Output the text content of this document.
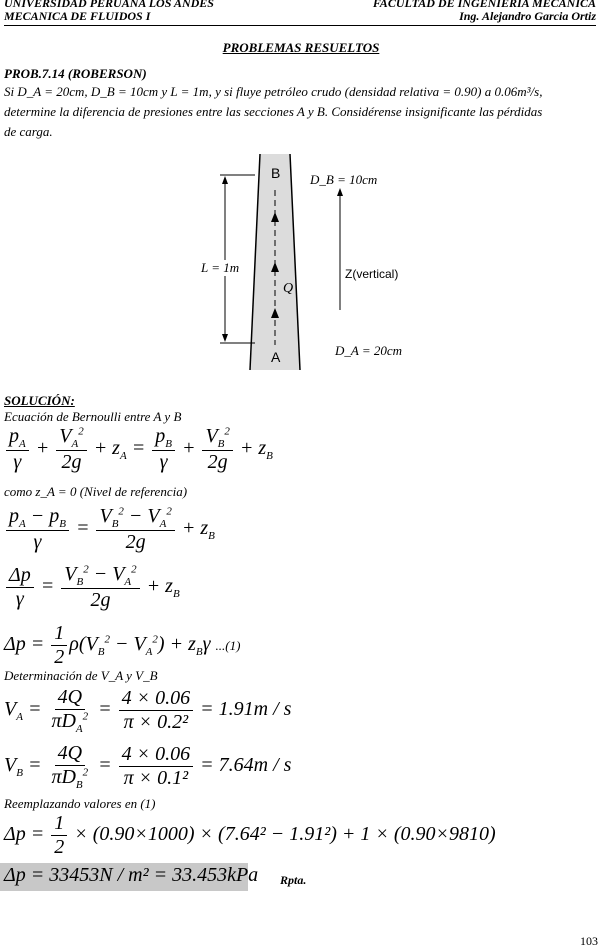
UNIVERSIDAD PERUANA LOS ANDES
MECANICA DE FLUIDOS I
FACULTAD DE INGENIERIA MECANICA
Ing. Alejandro Garcia Ortiz
PROBLEMAS RESUELTOS
PROB.7.14 (ROBERSON)
Si D_A = 20cm, D_B = 10cm y L = 1m, y si fluye petróleo crudo (densidad relativa = 0.90) a 0.06m³/s,
determine la diferencia de presiones entre las secciones A y B. Considérense insignificante las pérdidas
de carga.
B
A
Q
D_B = 10cm
D_A = 20cm
L = 1m	Z(vertical)
SOLUCIÓN:
Ecuación de Bernoulli entre A y B
$\frac{p_A}{\gamma} + \frac{V_A^2}{2g} + z_A = \frac{p_B}{\gamma} + \frac{V_B^2}{2g} + z_B$
como z_A = 0 (Nivel de referencia)
$\frac{p_A - p_B}{\gamma} = \frac{V_B^2 - V_A^2}{2g} + z_B$
$\frac{\Delta p}{\gamma} = \frac{V_B^2 - V_A^2}{2g} + z_B$
$\Delta p = \frac{1}{2} \rho(V_B^2 - V_A^2) + z_B\gamma$ ...(1)
Determinación de V_A y V_B
$V_A = \frac{4Q}{\pi D_A^2} = \frac{4 \times 0.06}{\text{π × 0.2²}} = 1.91m / s$
$V_B = \frac{4Q}{\pi D_B^2} = \frac{4 \times 0.06}{\text{π × 0.1²}} = 7.64m / s$
Reemplazando valores en (1)
$\Delta p = \frac{1}{2} \times (0.90\times 1000) \times (7.64^2 - 1.91^2) + 1 \times (0.90\times 9810)$
Δp = 33453N / m² = 33.453kPa Rpta.
103
